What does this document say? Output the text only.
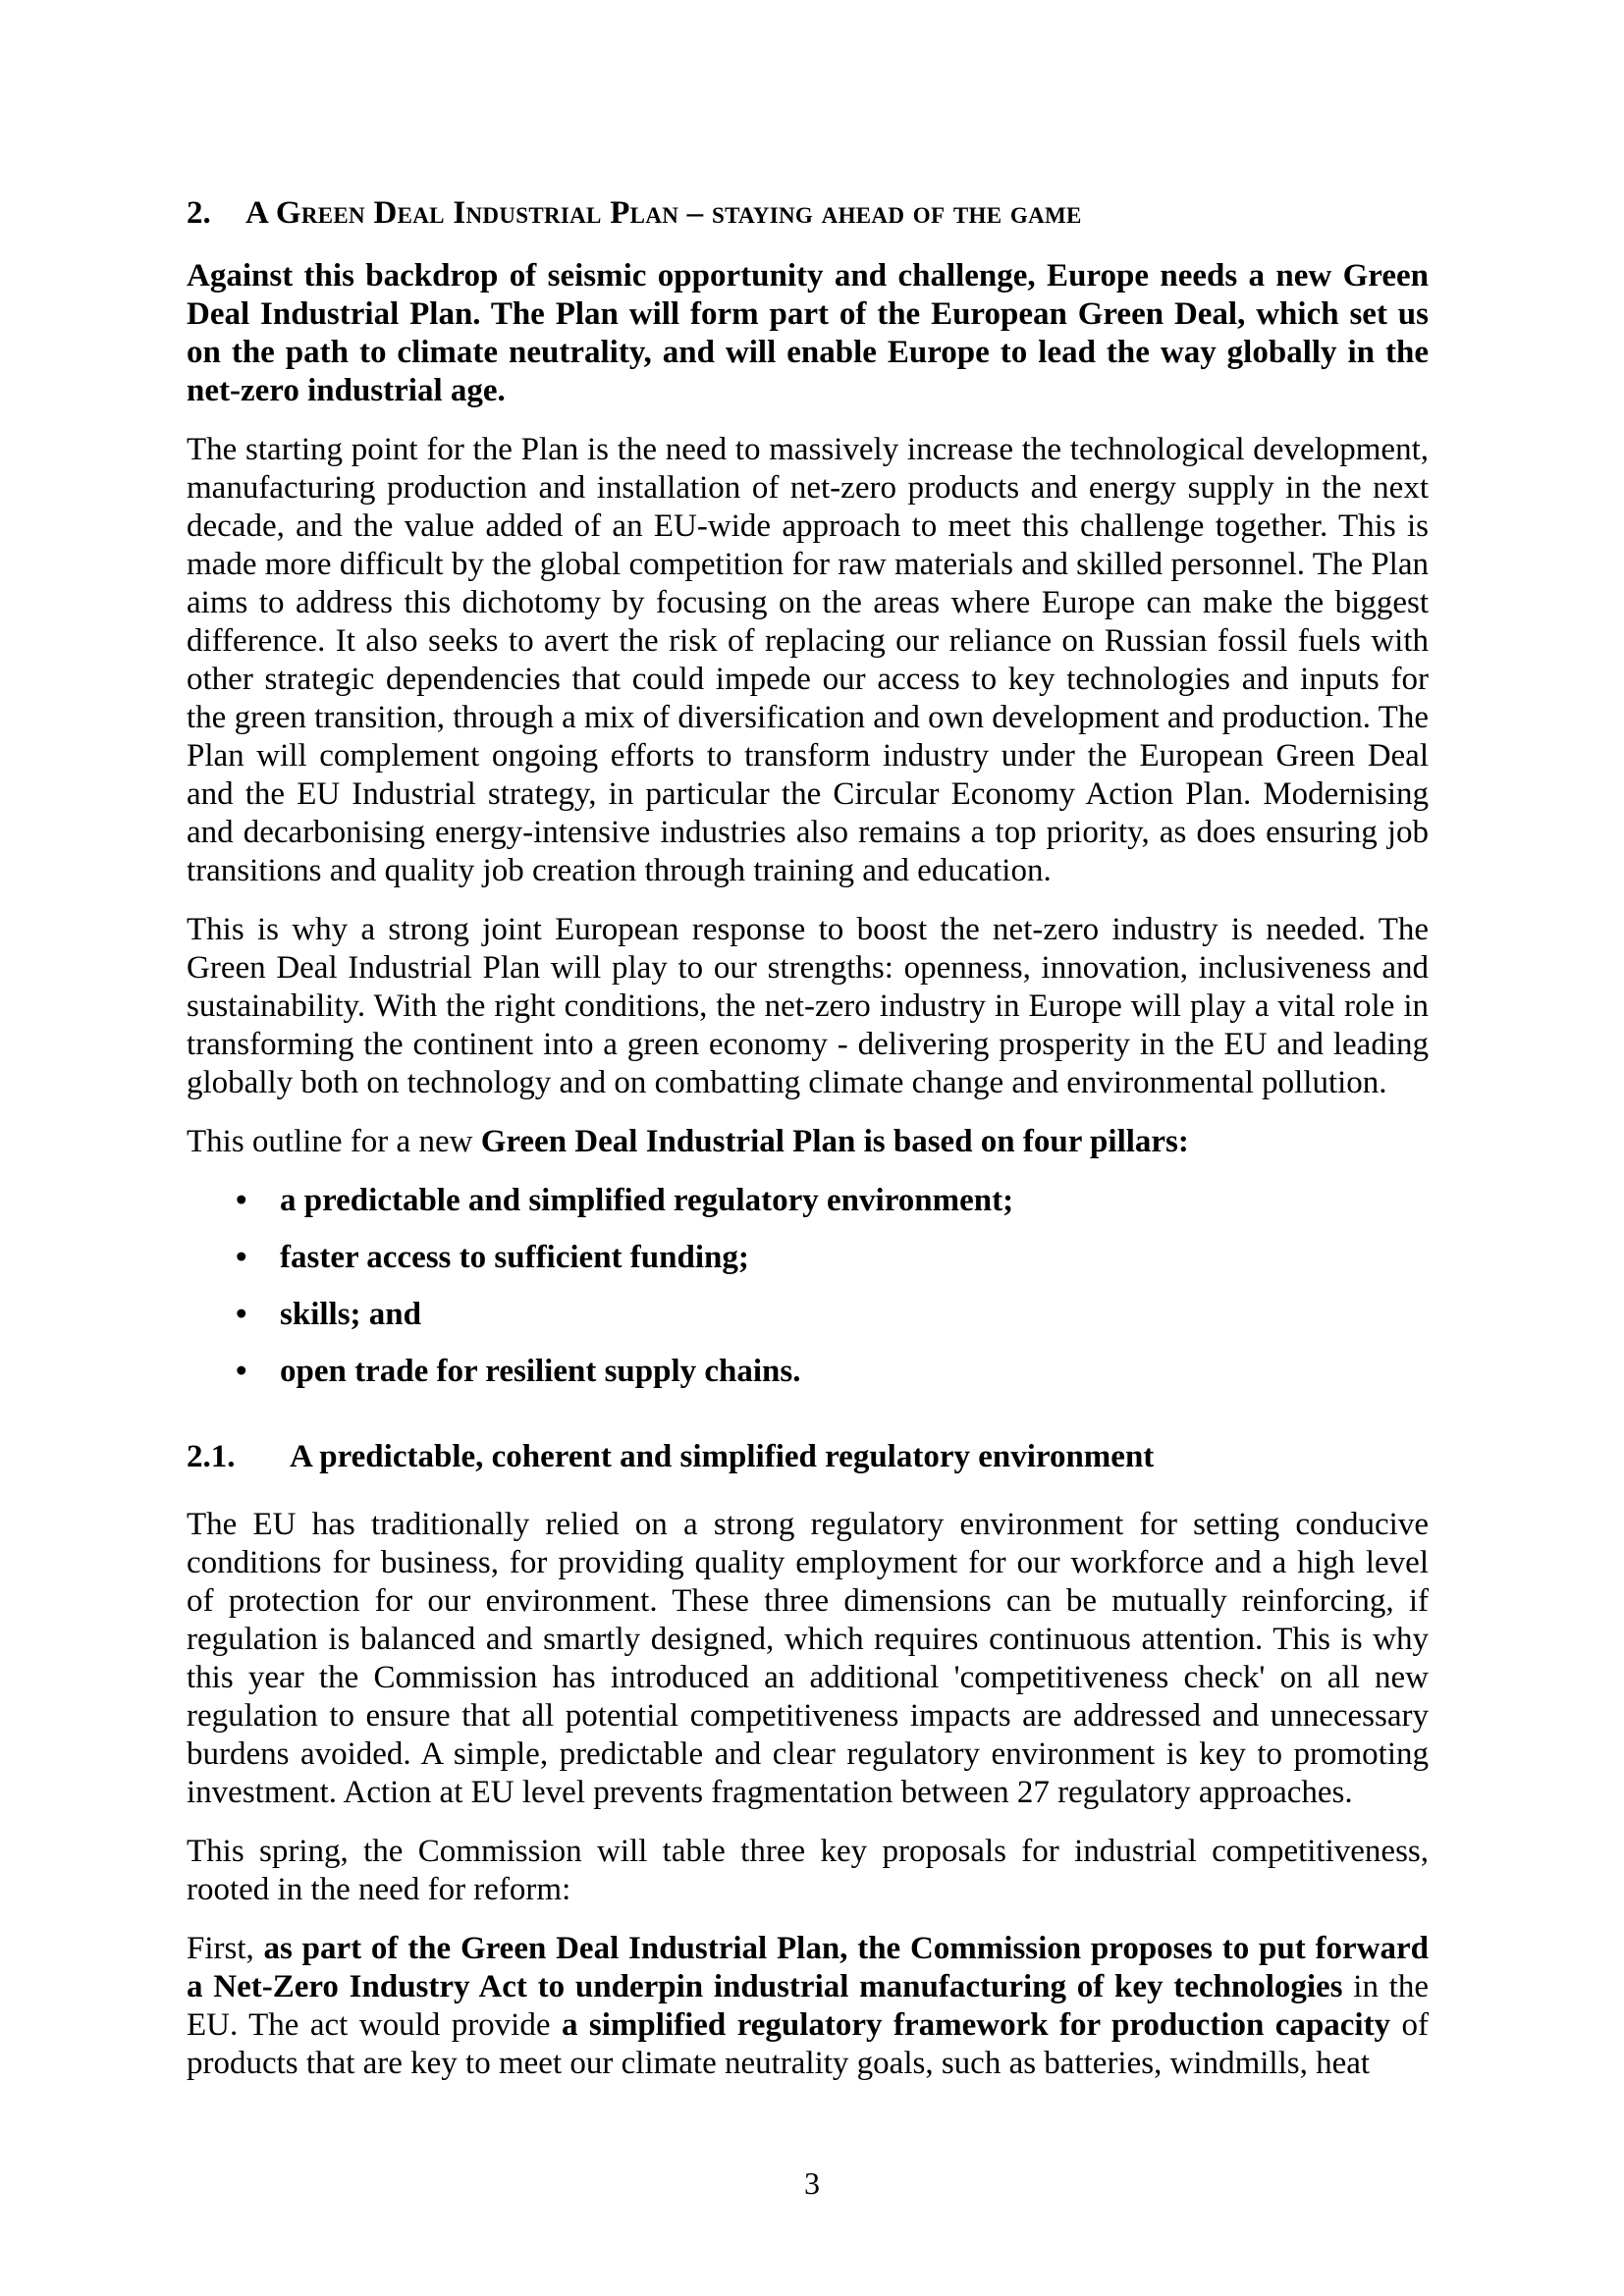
2.	A Green Deal Industrial Plan – staying ahead of the game

Against this backdrop of seismic opportunity and challenge, Europe needs a new Green Deal Industrial Plan. The Plan will form part of the European Green Deal, which set us on the path to climate neutrality, and will enable Europe to lead the way globally in the net-zero industrial age.

The starting point for the Plan is the need to massively increase the technological development, manufacturing production and installation of net-zero products and energy supply in the next decade, and the value added of an EU-wide approach to meet this challenge together. This is made more difficult by the global competition for raw materials and skilled personnel. The Plan aims to address this dichotomy by focusing on the areas where Europe can make the biggest difference. It also seeks to avert the risk of replacing our reliance on Russian fossil fuels with other strategic dependencies that could impede our access to key technologies and inputs for the green transition, through a mix of diversification and own development and production. The Plan will complement ongoing efforts to transform industry under the European Green Deal and the EU Industrial strategy, in particular the Circular Economy Action Plan. Modernising and decarbonising energy-intensive industries also remains a top priority, as does ensuring job transitions and quality job creation through training and education.

This is why a strong joint European response to boost the net-zero industry is needed. The Green Deal Industrial Plan will play to our strengths: openness, innovation, inclusiveness and sustainability. With the right conditions, the net-zero industry in Europe will play a vital role in transforming the continent into a green economy - delivering prosperity in the EU and leading globally both on technology and on combatting climate change and environmental pollution.

This outline for a new Green Deal Industrial Plan is based on four pillars:

•	a predictable and simplified regulatory environment;
•	faster access to sufficient funding;
•	skills; and
•	open trade for resilient supply chains.
2.1.	A predictable, coherent and simplified regulatory environment

The EU has traditionally relied on a strong regulatory environment for setting conducive conditions for business, for providing quality employment for our workforce and a high level of protection for our environment. These three dimensions can be mutually reinforcing, if regulation is balanced and smartly designed, which requires continuous attention. This is why this year the Commission has introduced an additional 'competitiveness check' on all new regulation to ensure that all potential competitiveness impacts are addressed and unnecessary burdens avoided. A simple, predictable and clear regulatory environment is key to promoting investment. Action at EU level prevents fragmentation between 27 regulatory approaches.

This spring, the Commission will table three key proposals for industrial competitiveness, rooted in the need for reform:

First, as part of the Green Deal Industrial Plan, the Commission proposes to put forward a Net-Zero Industry Act to underpin industrial manufacturing of key technologies in the EU. The act would provide a simplified regulatory framework for production capacity of products that are key to meet our climate neutrality goals, such as batteries, windmills, heat

3
